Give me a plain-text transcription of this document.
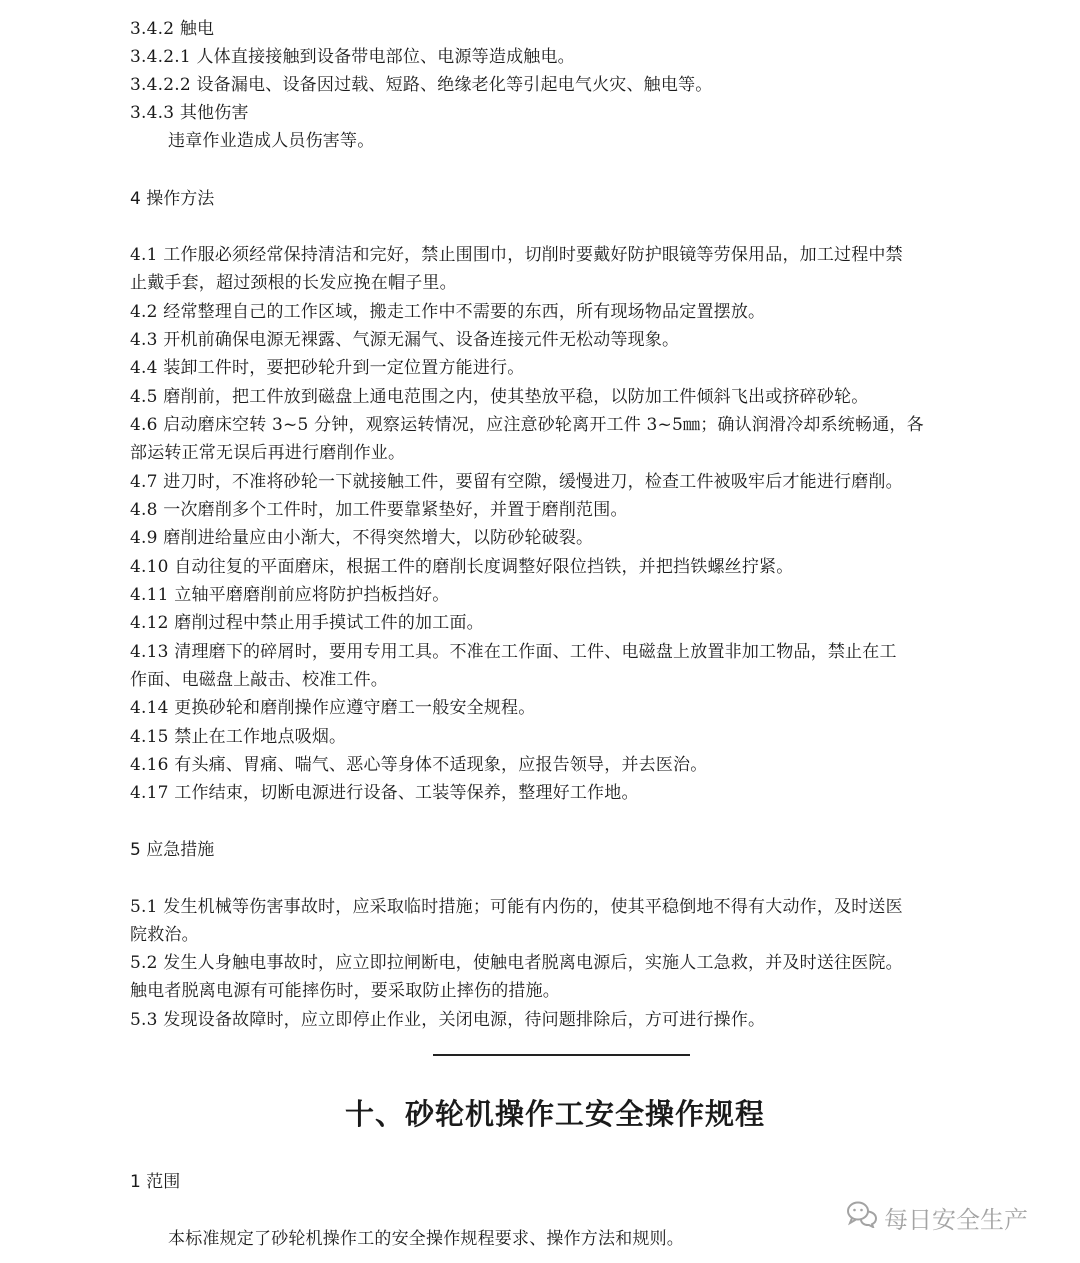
3.4.2 触电
3.4.2.1 人体直接接触到设备带电部位、电源等造成触电。
3.4.2.2 设备漏电、设备因过载、短路、绝缘老化等引起电气火灾、触电等。
3.4.3 其他伤害
违章作业造成人员伤害等。
4 操作方法
4.1 工作服必须经常保持清洁和完好，禁止围围巾，切削时要戴好防护眼镜等劳保用品，加工过程中禁
止戴手套，超过颈根的长发应挽在帽子里。
4.2 经常整理自己的工作区域，搬走工作中不需要的东西，所有现场物品定置摆放。
4.3 开机前确保电源无裸露、气源无漏气、设备连接元件无松动等现象。
4.4 装卸工件时，要把砂轮升到一定位置方能进行。
4.5 磨削前，把工件放到磁盘上通电范围之内，使其垫放平稳，以防加工件倾斜飞出或挤碎砂轮。
4.6 启动磨床空转 3~5 分钟，观察运转情况，应注意砂轮离开工件 3~5㎜；确认润滑冷却系统畅通，各
部运转正常无误后再进行磨削作业。
4.7 进刀时，不准将砂轮一下就接触工件，要留有空隙，缓慢进刀，检查工件被吸牢后才能进行磨削。
4.8 一次磨削多个工件时，加工件要靠紧垫好，并置于磨削范围。
4.9 磨削进给量应由小渐大，不得突然增大，以防砂轮破裂。
4.10 自动往复的平面磨床，根据工件的磨削长度调整好限位挡铁，并把挡铁螺丝拧紧。
4.11 立轴平磨磨削前应将防护挡板挡好。
4.12 磨削过程中禁止用手摸试工件的加工面。
4.13 清理磨下的碎屑时，要用专用工具。不准在工作面、工件、电磁盘上放置非加工物品，禁止在工
作面、电磁盘上敲击、校准工件。
4.14 更换砂轮和磨削操作应遵守磨工一般安全规程。
4.15 禁止在工作地点吸烟。
4.16 有头痛、胃痛、喘气、恶心等身体不适现象，应报告领导，并去医治。
4.17 工作结束，切断电源进行设备、工装等保养，整理好工作地。
5 应急措施
5.1 发生机械等伤害事故时，应采取临时措施；可能有内伤的，使其平稳倒地不得有大动作，及时送医
院救治。
5.2 发生人身触电事故时，应立即拉闸断电，使触电者脱离电源后，实施人工急救，并及时送往医院。
触电者脱离电源有可能摔伤时，要采取防止摔伤的措施。
5.3 发现设备故障时，应立即停止作业，关闭电源，待问题排除后，方可进行操作。
十、砂轮机操作工安全操作规程
1 范围
本标准规定了砂轮机操作工的安全操作规程要求、操作方法和规则。
每日安全生产
